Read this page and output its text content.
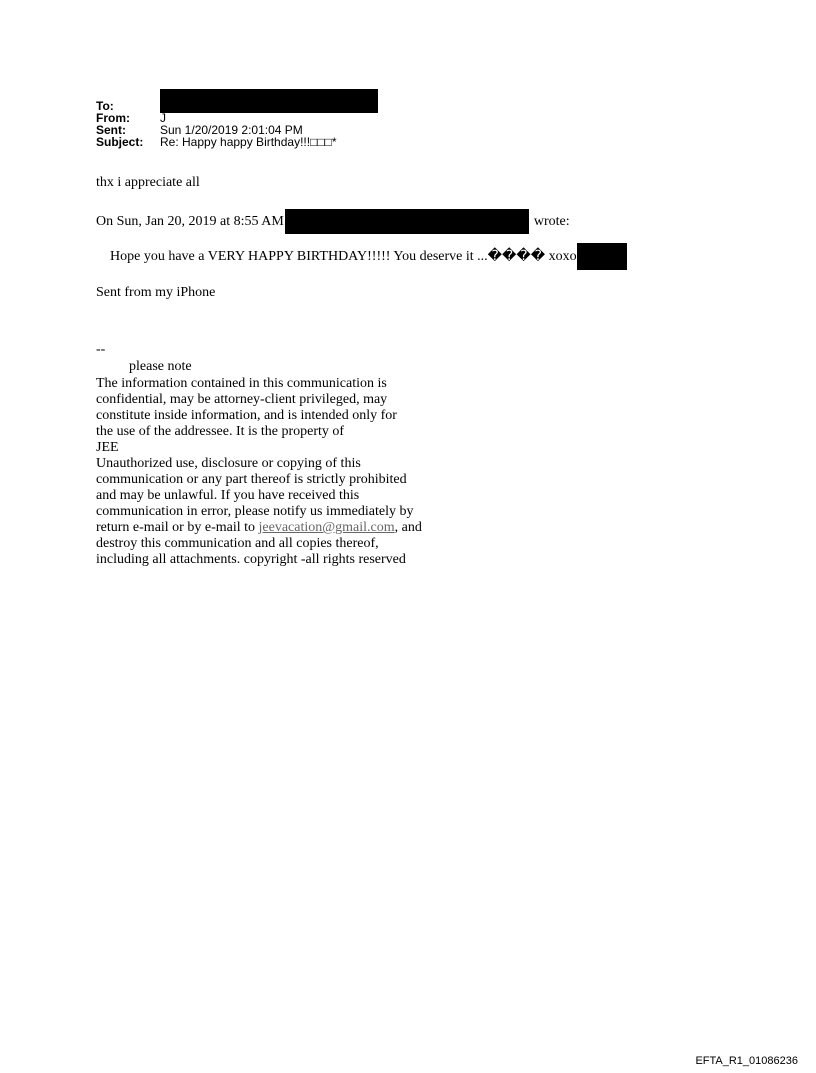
To:
From:	J
Sent:	Sun 1/20/2019 2:01:04 PM
Subject:	Re: Happy happy Birthday!!!□□□*
thx i appreciate all
On Sun, Jan 20, 2019 at 8:55 AM	wrote:
Hope you have a VERY HAPPY BIRTHDAY!!!!! You deserve it ...���� xoxo
Sent from my iPhone
--
please note
The information contained in this communication is
confidential, may be attorney-client privileged, may
constitute inside information, and is intended only for
the use of the addressee. It is the property of
JEE
Unauthorized use, disclosure or copying of this
communication or any part thereof is strictly prohibited
and may be unlawful. If you have received this
communication in error, please notify us immediately by
return e-mail or by e-mail to jeevacation@gmail.com, and
destroy this communication and all copies thereof,
including all attachments. copyright -all rights reserved
EFTA_R1_01086236
